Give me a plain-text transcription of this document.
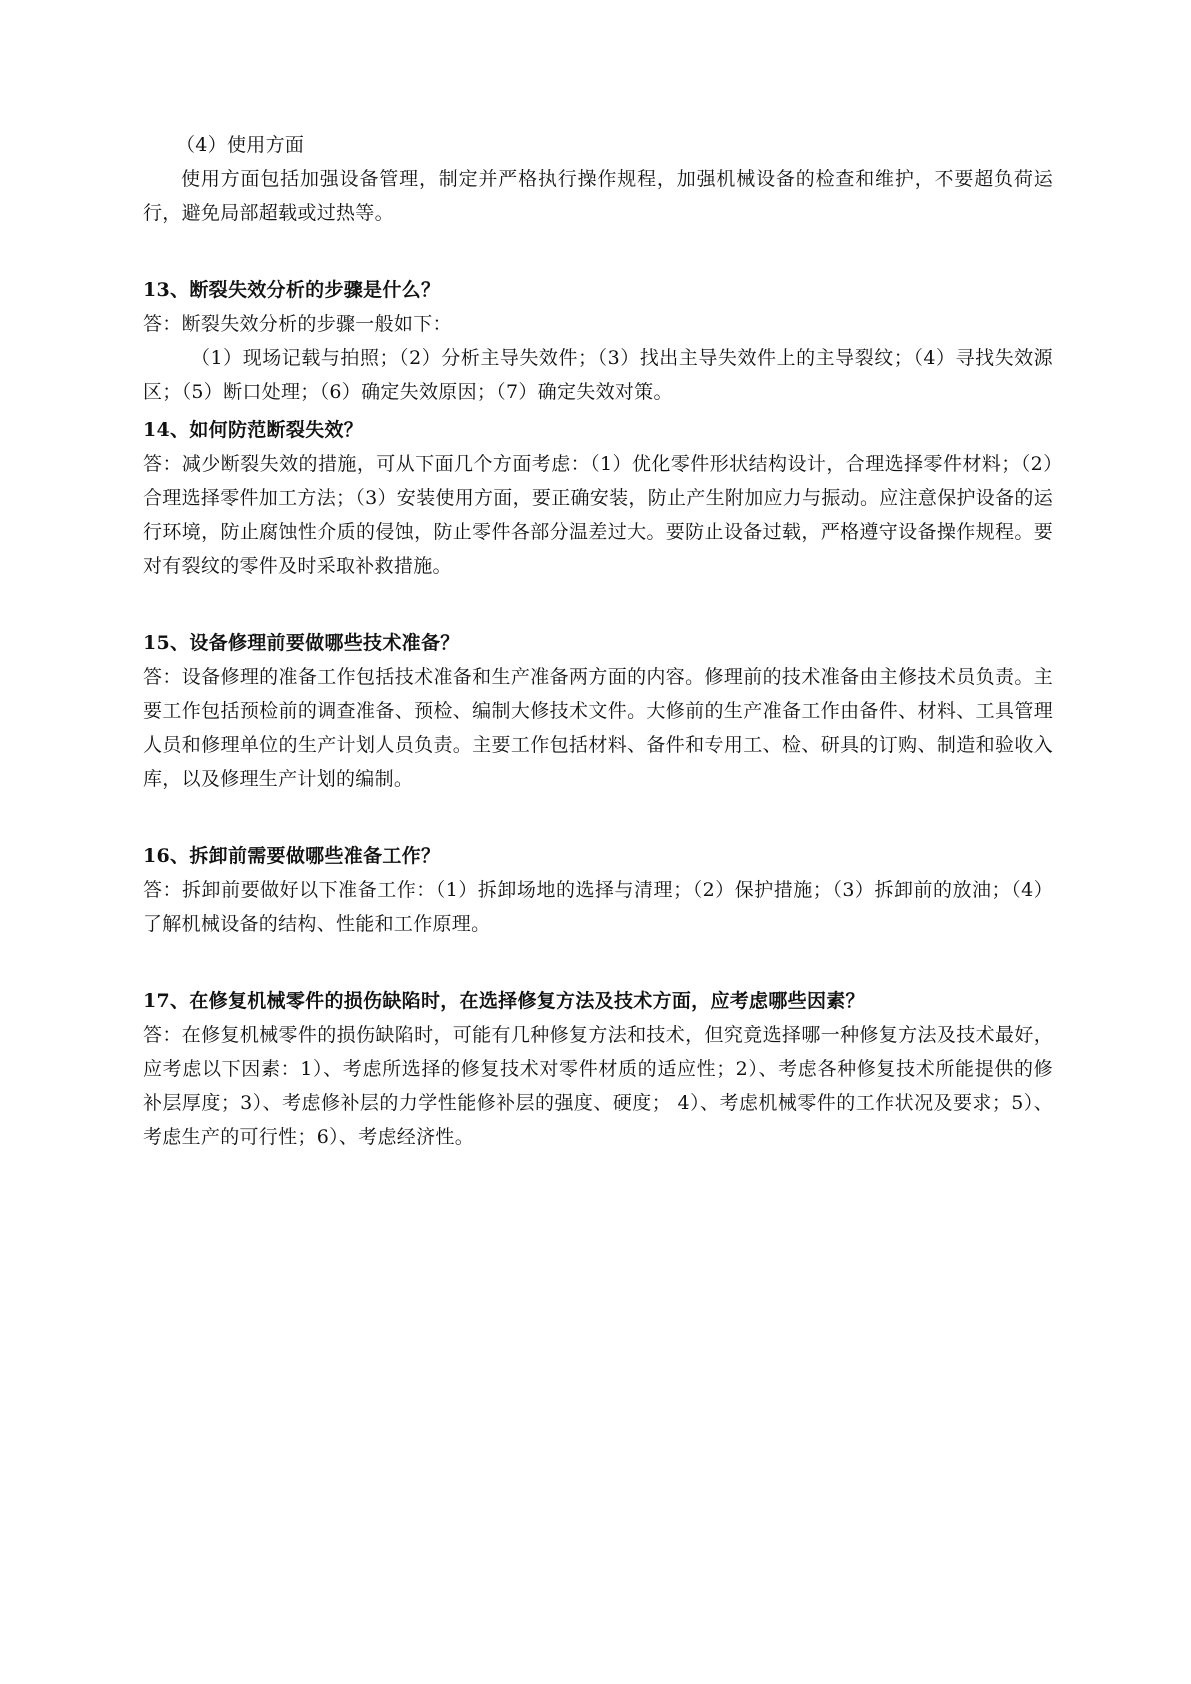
（4）使用方面

使用方面包括加强设备管理，制定并严格执行操作规程，加强机械设备的检查和维护，不要超负荷运行，避免局部超载或过热等。

13、断裂失效分析的步骤是什么？

答：断裂失效分析的步骤一般如下：

（1）现场记载与拍照；（2）分析主导失效件；（3）找出主导失效件上的主导裂纹；（4）寻找失效源区；（5）断口处理；（6）确定失效原因；（7）确定失效对策。

14、如何防范断裂失效？

答：减少断裂失效的措施，可从下面几个方面考虑：（1）优化零件形状结构设计，合理选择零件材料；（2）合理选择零件加工方法；（3）安装使用方面，要正确安装，防止产生附加应力与振动。应注意保护设备的运行环境，防止腐蚀性介质的侵蚀，防止零件各部分温差过大。要防止设备过载，严格遵守设备操作规程。要对有裂纹的零件及时采取补救措施。

15、设备修理前要做哪些技术准备？

答：设备修理的准备工作包括技术准备和生产准备两方面的内容。修理前的技术准备由主修技术员负责。主要工作包括预检前的调查准备、预检、编制大修技术文件。大修前的生产准备工作由备件、材料、工具管理人员和修理单位的生产计划人员负责。主要工作包括材料、备件和专用工、检、研具的订购、制造和验收入库，以及修理生产计划的编制。

16、拆卸前需要做哪些准备工作？

答：拆卸前要做好以下准备工作：（1）拆卸场地的选择与清理；（2）保护措施；（3）拆卸前的放油；（4）了解机械设备的结构、性能和工作原理。

17、在修复机械零件的损伤缺陷时，在选择修复方法及技术方面，应考虑哪些因素？

答：在修复机械零件的损伤缺陷时，可能有几种修复方法和技术，但究竟选择哪一种修复方法及技术最好，应考虑以下因素：1）、考虑所选择的修复技术对零件材质的适应性；2）、考虑各种修复技术所能提供的修补层厚度；3）、考虑修补层的力学性能修补层的强度、硬度； 4）、考虑机械零件的工作状况及要求；5）、考虑生产的可行性；6）、考虑经济性。
